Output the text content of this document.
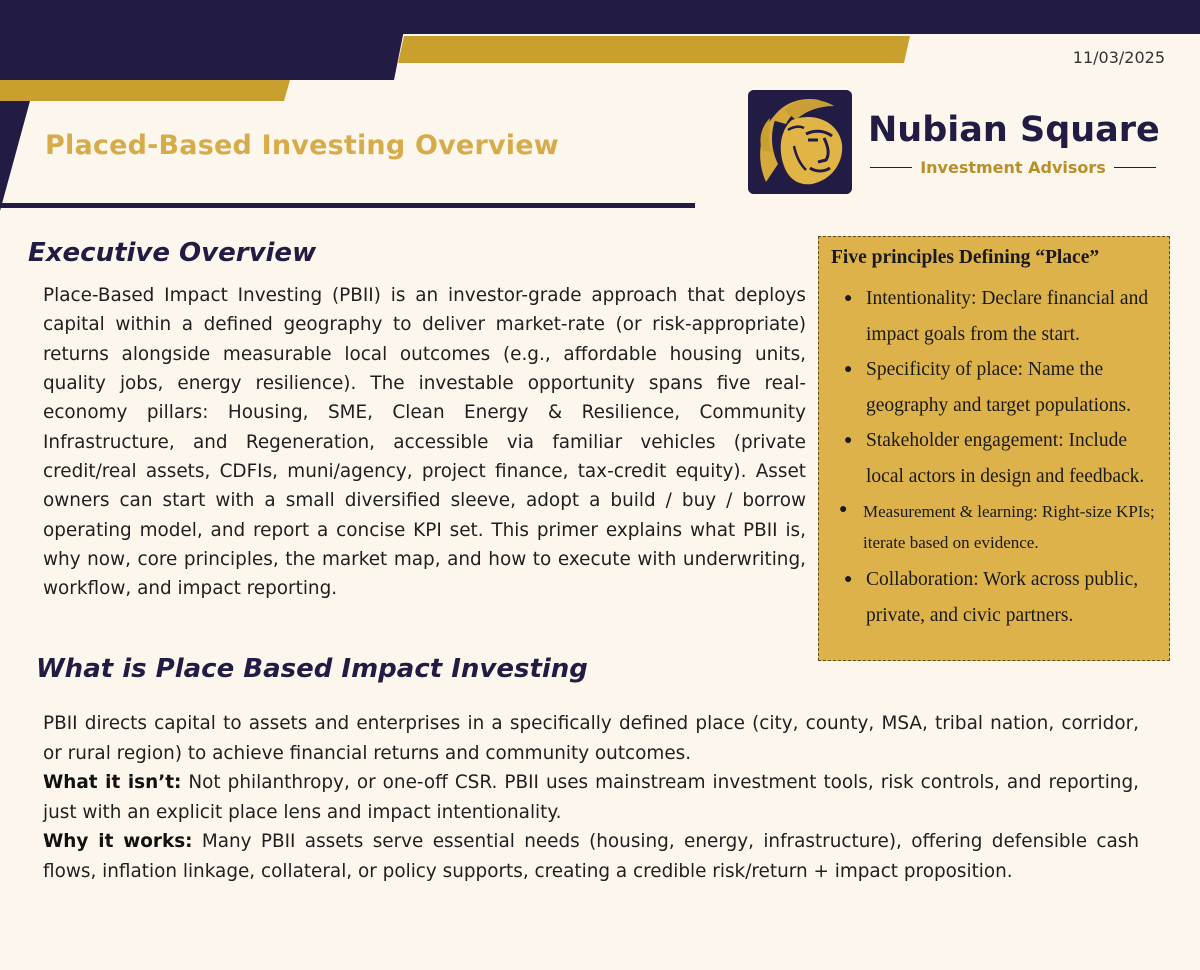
11/03/2025
Placed-Based Investing Overview	Nubian Square
Investment Advisors
Executive Overview

Place-Based Impact Investing (PBII) is an investor-grade approach that deploys capital within a defined geography to deliver market-rate (or risk-appropriate) returns alongside measurable local outcomes (e.g., affordable housing units, quality jobs, energy resilience). The investable opportunity spans five real-economy pillars: Housing, SME, Clean Energy & Resilience, Community Infrastructure, and Regeneration, accessible via familiar vehicles (private credit/real assets, CDFIs, muni/agency, project finance, tax-credit equity). Asset owners can start with a small diversified sleeve, adopt a build / buy / borrow operating model, and report a concise KPI set. This primer explains what PBII is, why now, core principles, the market map, and how to execute with underwriting, workflow, and impact reporting.

Five principles Defining “Place”
● Intentionality: Declare financial and impact goals from the start.
● Specificity of place: Name the geography and target populations.
● Stakeholder engagement: Include local actors in design and feedback.
● Measurement & learning: Right-size KPIs; iterate based on evidence.
● Collaboration: Work across public, private, and civic partners.
What is Place Based Impact Investing

PBII directs capital to assets and enterprises in a specifically defined place (city, county, MSA, tribal nation, corridor, or rural region) to achieve financial returns and community outcomes.

What it isn’t: Not philanthropy, or one-off CSR. PBII uses mainstream investment tools, risk controls, and reporting, just with an explicit place lens and impact intentionality.

Why it works: Many PBII assets serve essential needs (housing, energy, infrastructure), offering defensible cash flows, inflation linkage, collateral, or policy supports, creating a credible risk/return + impact proposition.
